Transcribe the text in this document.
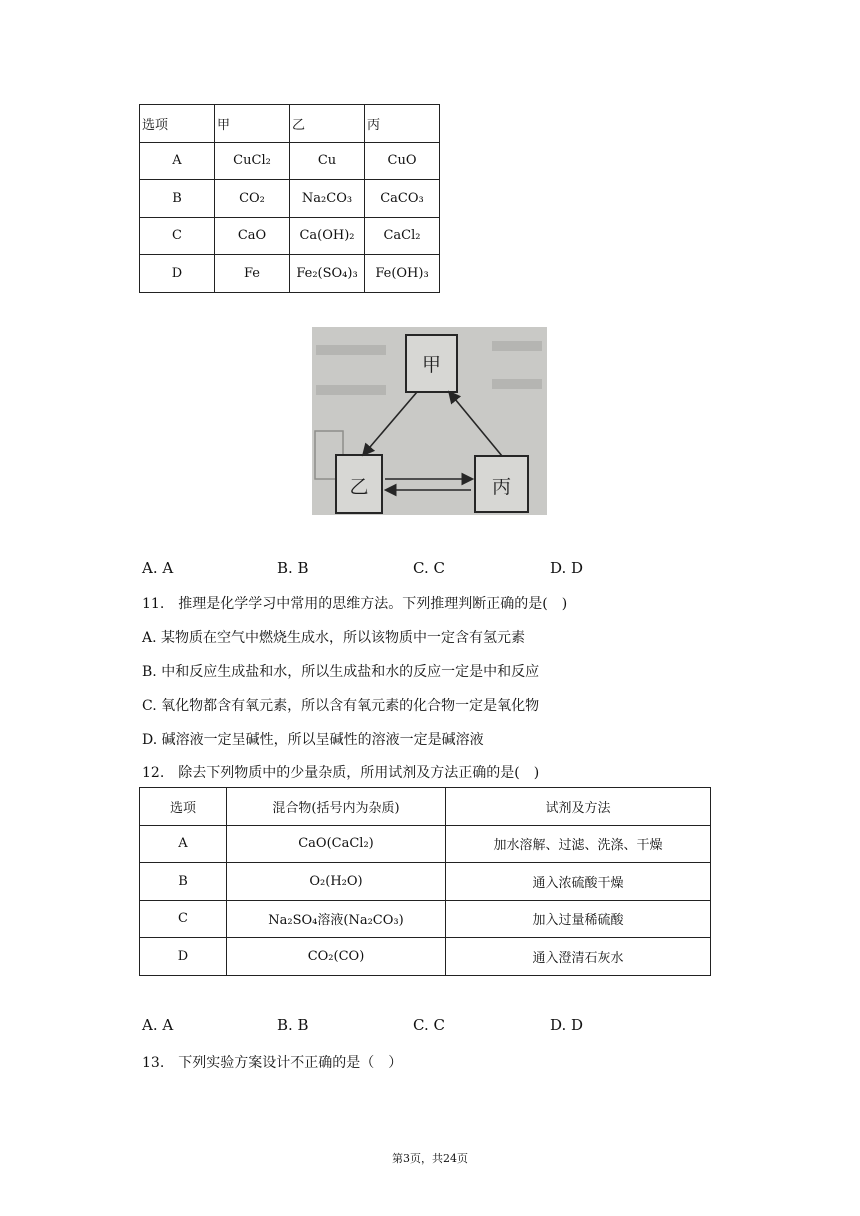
选项	甲	乙	丙
A	CuCl₂	Cu	CuO
B	CO₂	Na₂CO₃	CaCO₃
C	CaO	Ca(OH)₂	CaCl₂
D	Fe	Fe₂(SO₄)₃	Fe(OH)₃
甲
乙	丙
A. A	B. B	C. C	D. D
11.　推理是化学学习中常用的思维方法。下列推理判断正确的是(　)
A. 某物质在空气中燃烧生成水，所以该物质中一定含有氢元素
B. 中和反应生成盐和水，所以生成盐和水的反应一定是中和反应
C. 氧化物都含有氧元素，所以含有氧元素的化合物一定是氧化物
D. 碱溶液一定呈碱性，所以呈碱性的溶液一定是碱溶液
12.　除去下列物质中的少量杂质，所用试剂及方法正确的是(　)
选项	混合物(括号内为杂质)	试剂及方法
A	CaO(CaCl₂)	加水溶解、过滤、洗涤、干燥
B	O₂(H₂O)	通入浓硫酸干燥
C	Na₂SO₄溶液(Na₂CO₃)	加入过量稀硫酸
D	CO₂(CO)	通入澄清石灰水
A. A	B. B	C. C	D. D
13.　下列实验方案设计不正确的是（　）
第3页，共24页
